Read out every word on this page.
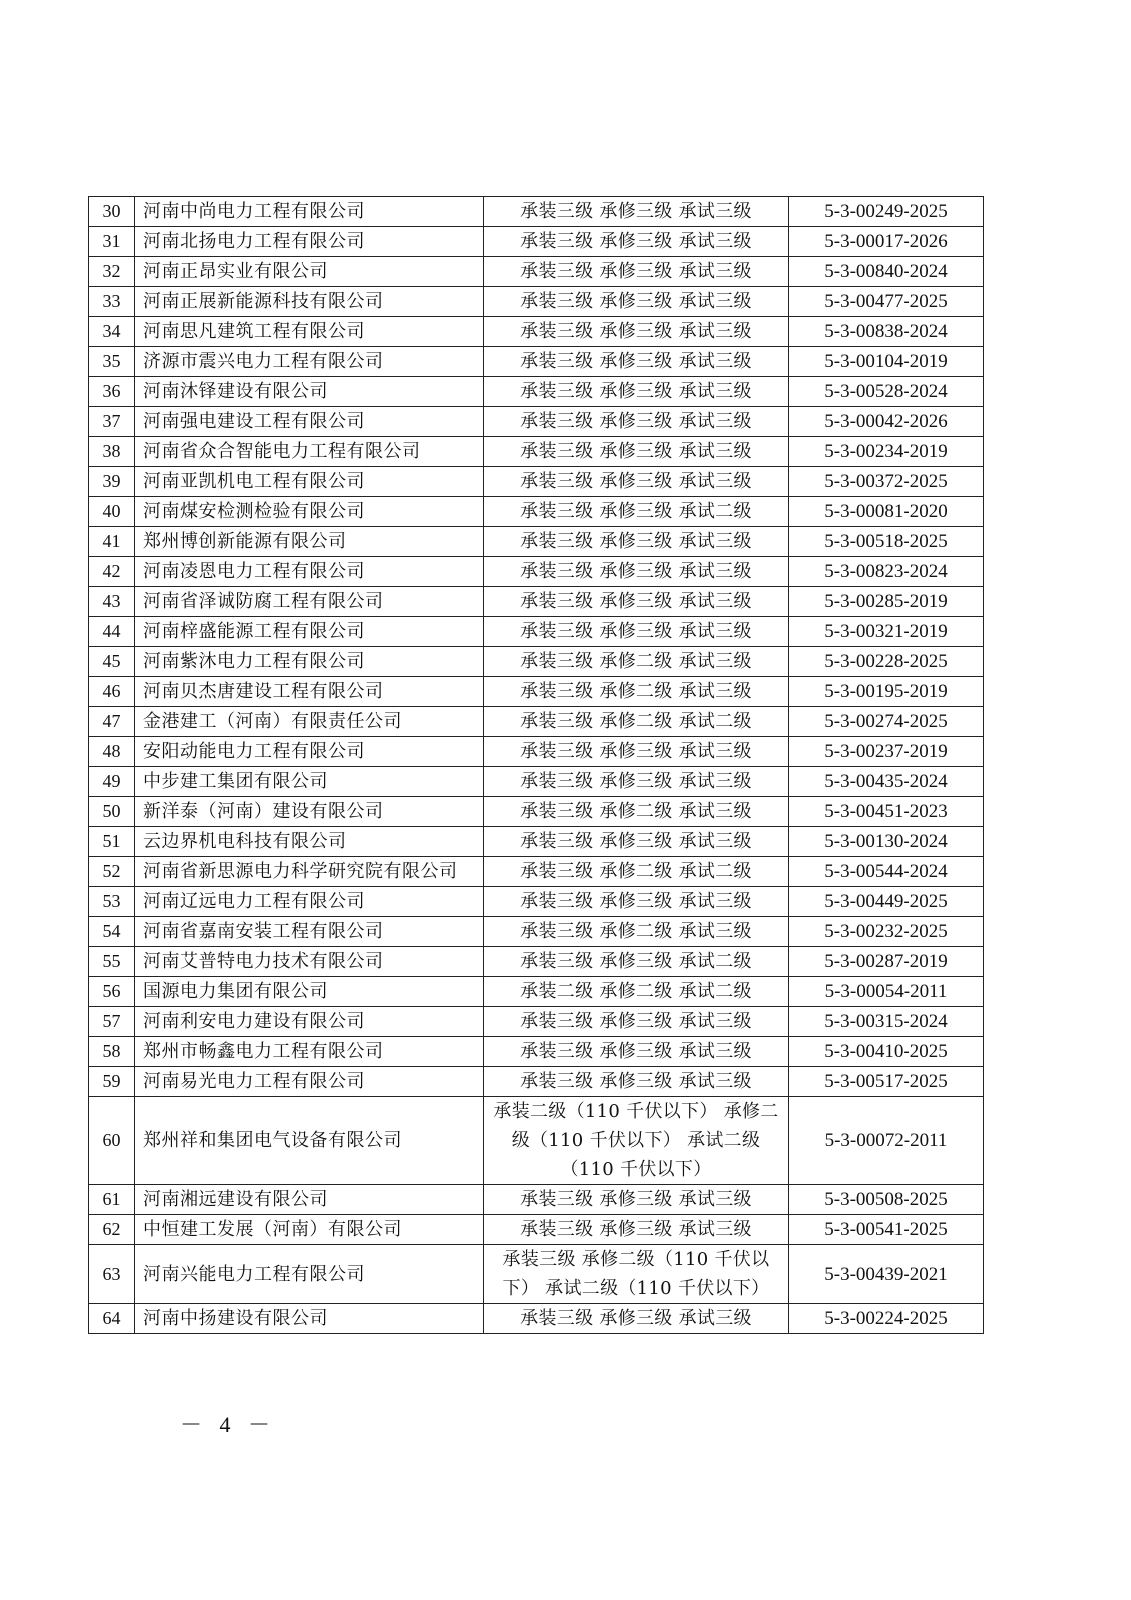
30	河南中尚电力工程有限公司	承装三级 承修三级 承试三级	5-3-00249-2025
31	河南北扬电力工程有限公司	承装三级 承修三级 承试三级	5-3-00017-2026
32	河南正昂实业有限公司	承装三级 承修三级 承试三级	5-3-00840-2024
33	河南正展新能源科技有限公司	承装三级 承修三级 承试三级	5-3-00477-2025
34	河南思凡建筑工程有限公司	承装三级 承修三级 承试三级	5-3-00838-2024
35	济源市震兴电力工程有限公司	承装三级 承修三级 承试三级	5-3-00104-2019
36	河南沐铎建设有限公司	承装三级 承修三级 承试三级	5-3-00528-2024
37	河南强电建设工程有限公司	承装三级 承修三级 承试三级	5-3-00042-2026
38	河南省众合智能电力工程有限公司	承装三级 承修三级 承试三级	5-3-00234-2019
39	河南亚凯机电工程有限公司	承装三级 承修三级 承试三级	5-3-00372-2025
40	河南煤安检测检验有限公司	承装三级 承修三级 承试二级	5-3-00081-2020
41	郑州博创新能源有限公司	承装三级 承修三级 承试三级	5-3-00518-2025
42	河南凌恩电力工程有限公司	承装三级 承修三级 承试三级	5-3-00823-2024
43	河南省泽诚防腐工程有限公司	承装三级 承修三级 承试三级	5-3-00285-2019
44	河南梓盛能源工程有限公司	承装三级 承修三级 承试三级	5-3-00321-2019
45	河南紫沐电力工程有限公司	承装三级 承修二级 承试三级	5-3-00228-2025
46	河南贝杰唐建设工程有限公司	承装三级 承修二级 承试三级	5-3-00195-2019
47	金港建工（河南）有限责任公司	承装三级 承修二级 承试二级	5-3-00274-2025
48	安阳动能电力工程有限公司	承装三级 承修三级 承试三级	5-3-00237-2019
49	中步建工集团有限公司	承装三级 承修三级 承试三级	5-3-00435-2024
50	新洋泰（河南）建设有限公司	承装三级 承修二级 承试三级	5-3-00451-2023
51	云边界机电科技有限公司	承装三级 承修三级 承试三级	5-3-00130-2024
52	河南省新思源电力科学研究院有限公司	承装三级 承修二级 承试二级	5-3-00544-2024
53	河南辽远电力工程有限公司	承装三级 承修三级 承试三级	5-3-00449-2025
54	河南省嘉南安装工程有限公司	承装三级 承修二级 承试三级	5-3-00232-2025
55	河南艾普特电力技术有限公司	承装三级 承修三级 承试二级	5-3-00287-2019
56	国源电力集团有限公司	承装二级 承修二级 承试二级	5-3-00054-2011
57	河南利安电力建设有限公司	承装三级 承修三级 承试三级	5-3-00315-2024
58	郑州市畅鑫电力工程有限公司	承装三级 承修三级 承试三级	5-3-00410-2025
59	河南易光电力工程有限公司	承装三级 承修三级 承试三级	5-3-00517-2025
60	郑州祥和集团电气设备有限公司	承装二级（110 千伏以下） 承修二级（110 千伏以下） 承试二级（110 千伏以下）	5-3-00072-2011
61	河南湘远建设有限公司	承装三级 承修三级 承试三级	5-3-00508-2025
62	中恒建工发展（河南）有限公司	承装三级 承修三级 承试三级	5-3-00541-2025
63	河南兴能电力工程有限公司	承装三级 承修二级（110 千伏以下） 承试二级（110 千伏以下）	5-3-00439-2021
64	河南中扬建设有限公司	承装三级 承修三级 承试三级	5-3-00224-2025
－ 4 －
